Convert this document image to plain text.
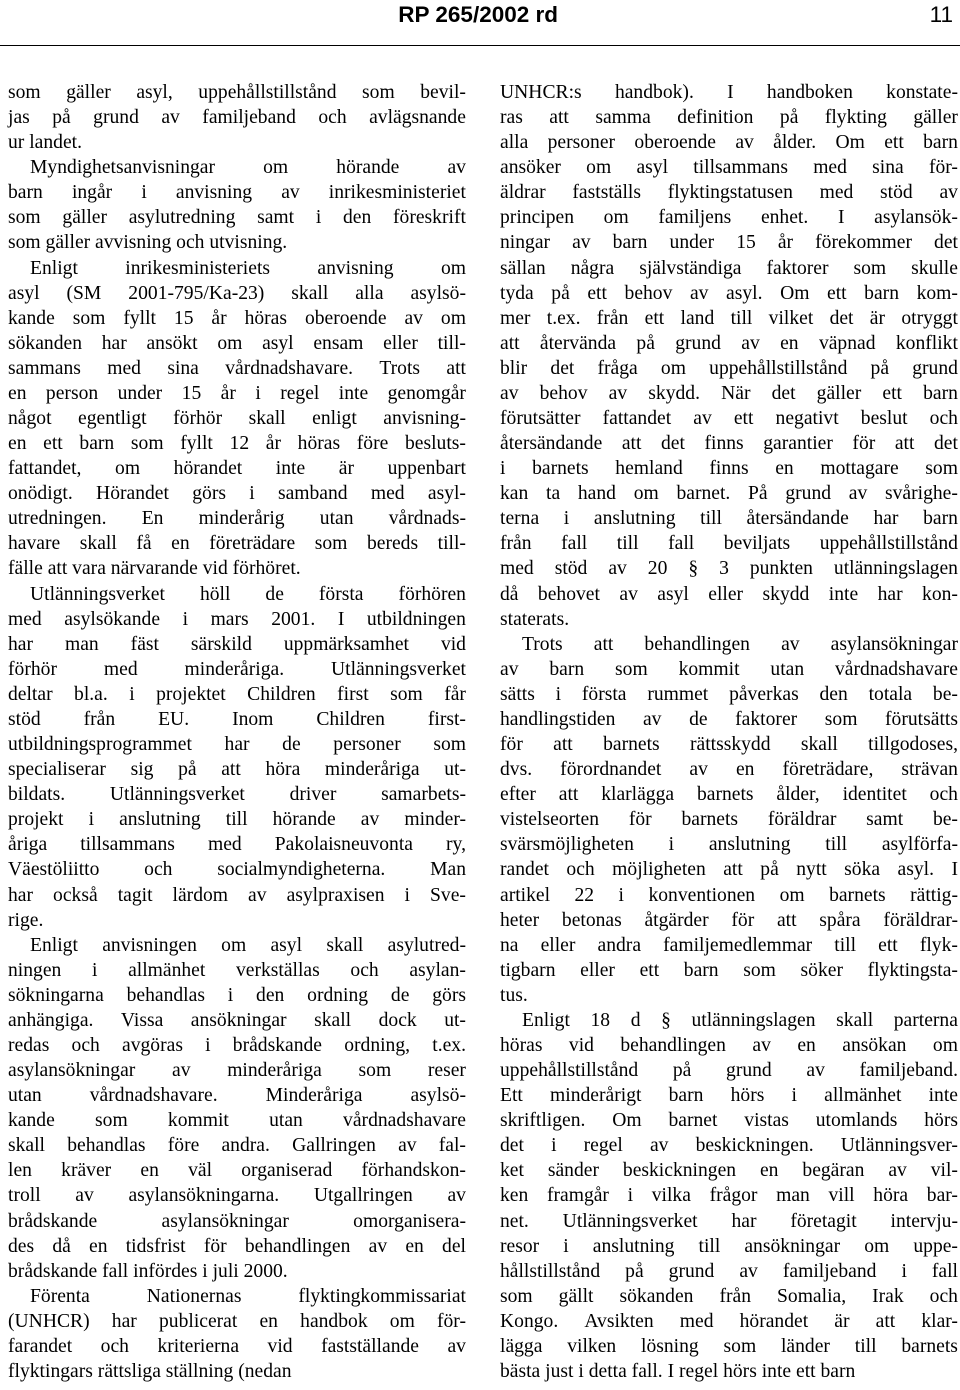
RP 265/2002 rd	11
som gäller asyl, uppehållstillstånd som bevil-
jas på grund av familjeband och avlägsnande
ur landet.
Myndighetsanvisningar om hörande av
barn ingår i anvisning av inrikesministeriet
som gäller asylutredning samt i den föreskrift
som gäller avvisning och utvisning.
Enligt inrikesministeriets anvisning om
asyl (SM 2001-795/Ka-23) skall alla asylsö-
kande som fyllt 15 år höras oberoende av om
sökanden har ansökt om asyl ensam eller till-
sammans med sina vårdnadshavare. Trots att
en person under 15 år i regel inte genomgår
något egentligt förhör skall enligt anvisning-
en ett barn som fyllt 12 år höras före besluts-
fattandet, om hörandet inte är uppenbart
onödigt. Hörandet görs i samband med asyl-
utredningen. En minderårig utan vårdnads-
havare skall få en företrädare som bereds till-
fälle att vara närvarande vid förhöret.
Utlänningsverket höll de första förhören
med asylsökande i mars 2001. I utbildningen
har man fäst särskild uppmärksamhet vid
förhör med minderåriga. Utlänningsverket
deltar bl.a. i projektet Children first som får
stöd från EU. Inom Children first-
utbildningsprogrammet har de personer som
specialiserar sig på att höra minderåriga ut-
bildats. Utlänningsverket driver samarbets-
projekt i anslutning till hörande av minder-
åriga tillsammans med Pakolaisneuvonta ry,
Väestöliitto och socialmyndigheterna. Man
har också tagit lärdom av asylpraxisen i Sve-
rige.
Enligt anvisningen om asyl skall asylutred-
ningen i allmänhet verkställas och asylan-
sökningarna behandlas i den ordning de görs
anhängiga. Vissa ansökningar skall dock ut-
redas och avgöras i brådskande ordning, t.ex.
asylansökningar av minderåriga som reser
utan vårdnadshavare. Minderåriga asylsö-
kande som kommit utan vårdnadshavare
skall behandlas före andra. Gallringen av fal-
len kräver en väl organiserad förhandskon-
troll av asylansökningarna. Utgallringen av
brådskande	asylansökningar	omorganisera-
des då en tidsfrist för behandlingen av en del
brådskande fall infördes i juli 2000.
Förenta	Nationernas	flyktingkommissariat
(UNHCR) har publicerat en handbok om för-
farandet och kriterierna vid fastställande av
flyktingars rättsliga ställning (nedan
UNHCR:s handbok). I handboken konstate-
ras att samma definition på flykting gäller
alla personer oberoende av ålder. Om ett barn
ansöker om asyl tillsammans med sina för-
äldrar fastställs flyktingstatusen med stöd av
principen om familjens enhet. I asylansök-
ningar av barn under 15 år förekommer det
sällan några självständiga faktorer som skulle
tyda på ett behov av asyl. Om ett barn kom-
mer t.ex. från ett land till vilket det är otryggt
att återvända på grund av en väpnad konflikt
blir det fråga om uppehållstillstånd på grund
av behov av skydd. När det gäller ett barn
förutsätter fattandet av ett negativt beslut och
återsändande att det finns garantier för att det
i barnets hemland finns en mottagare som
kan ta hand om barnet. På grund av svårighe-
terna i anslutning till återsändande har barn
från fall till fall beviljats uppehållstillstånd
med stöd av 20 § 3 punkten utlänningslagen
då behovet av asyl eller skydd inte har kon-
staterats.
Trots att behandlingen av asylansökningar
av barn som kommit utan vårdnadshavare
sätts i första rummet påverkas den totala be-
handlingstiden av de faktorer som förutsätts
för att barnets rättsskydd skall tillgodoses,
dvs. förordnandet av en företrädare, strävan
efter att klarlägga barnets ålder, identitet och
vistelseorten för barnets föräldrar samt be-
svärsmöjligheten i anslutning till asylförfa-
randet och möjligheten att på nytt söka asyl. I
artikel 22 i konventionen om barnets rättig-
heter betonas åtgärder för att spåra föräldrar-
na eller andra familjemedlemmar till ett flyk-
tigbarn eller ett barn som söker flyktingsta-
tus.
Enligt 18 d § utlänningslagen skall parterna
höras vid behandlingen av en ansökan om
uppehållstillstånd på grund av familjeband.
Ett minderårigt barn hörs i allmänhet inte
skriftligen. Om barnet vistas utomlands hörs
det i regel av beskickningen. Utlänningsver-
ket sänder beskickningen en begäran av vil-
ken framgår i vilka frågor man vill höra bar-
net. Utlänningsverket har företagit intervju-
resor i anslutning till ansökningar om uppe-
hållstillstånd på grund av familjeband i fall
som gällt sökanden från Somalia, Irak och
Kongo. Avsikten med hörandet är att klar-
lägga vilken lösning som länder till barnets
bästa just i detta fall. I regel hörs inte ett barn
